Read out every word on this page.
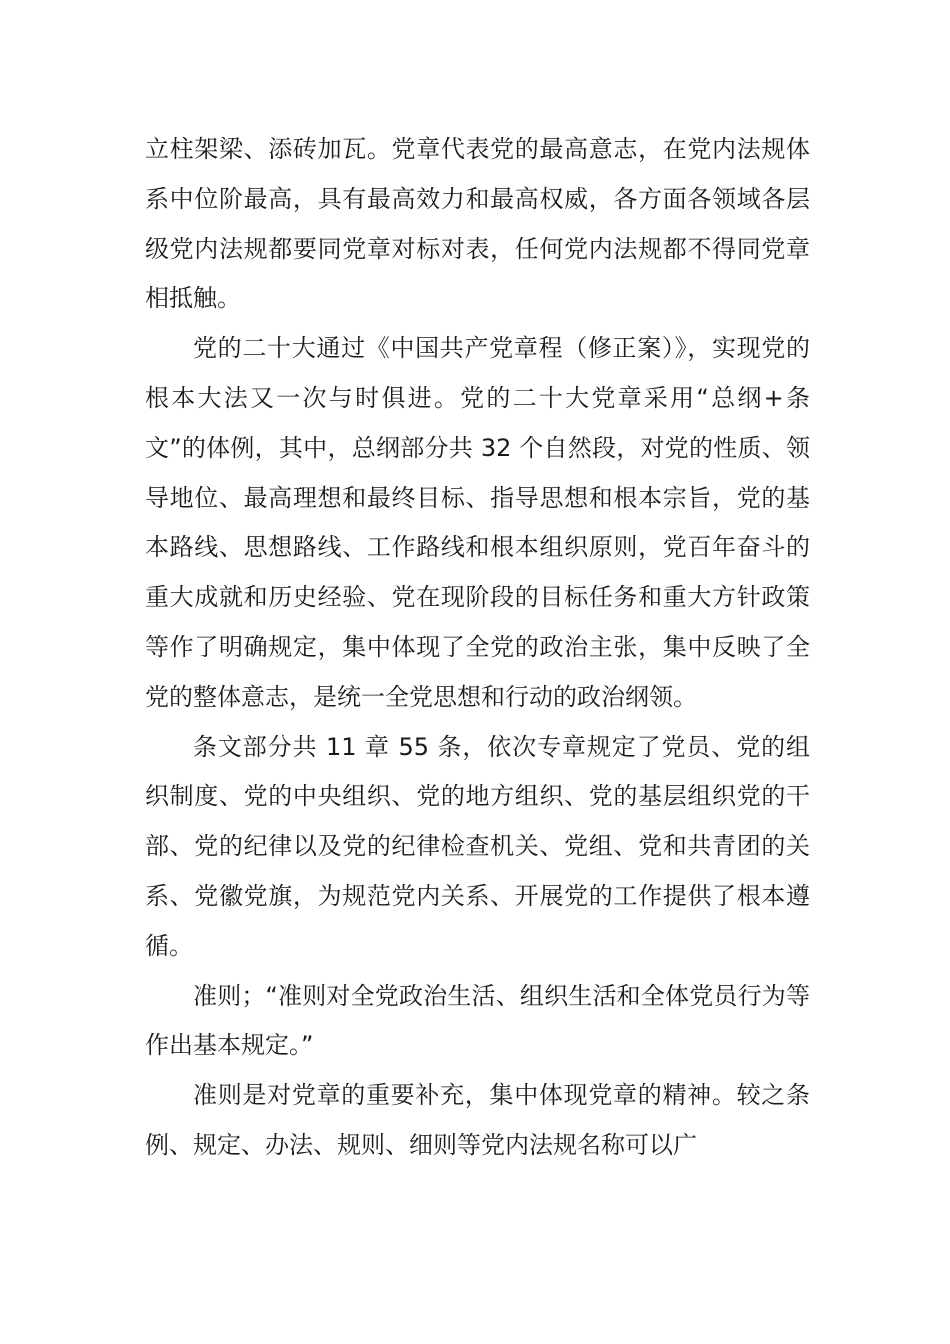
立柱架梁、添砖加瓦。党章代表党的最高意志，在党内法规体系中位阶最高，具有最高效力和最高权威，各方面各领域各层级党内法规都要同党章对标对表，任何党内法规都不得同党章相抵触。

党的二十大通过《中国共产党章程（修正案）》，实现党的根本大法又一次与时俱进。党的二十大党章采用“总纲+条文”的体例，其中，总纲部分共 32 个自然段，对党的性质、领导地位、最高理想和最终目标、指导思想和根本宗旨，党的基本路线、思想路线、工作路线和根本组织原则，党百年奋斗的重大成就和历史经验、党在现阶段的目标任务和重大方针政策等作了明确规定，集中体现了全党的政治主张，集中反映了全党的整体意志，是统一全党思想和行动的政治纲领。

条文部分共 11 章 55 条，依次专章规定了党员、党的组织制度、党的中央组织、党的地方组织、党的基层组织党的干部、党的纪律以及党的纪律检查机关、党组、党和共青团的关系、党徽党旗，为规范党内关系、开展党的工作提供了根本遵循。

准则；“准则对全党政治生活、组织生活和全体党员行为等作出基本规定。”

准则是对党章的重要补充，集中体现党章的精神。较之条例、规定、办法、规则、细则等党内法规名称可以广
